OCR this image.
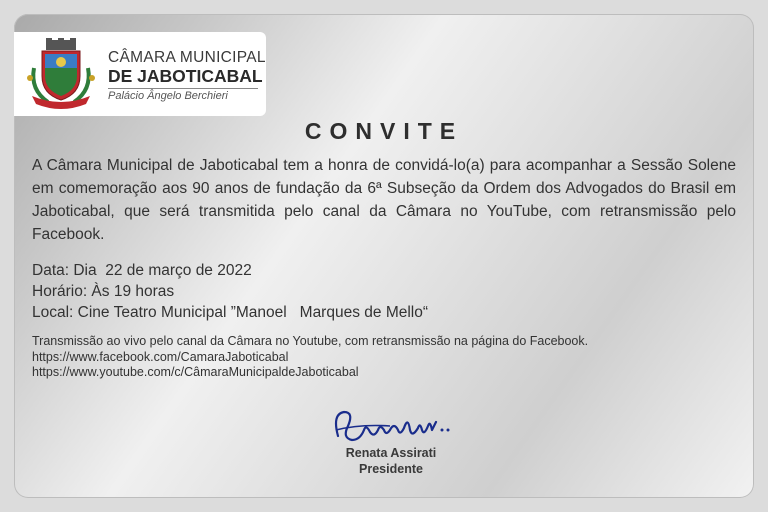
CÂMARA MUNICIPAL
DE JABOTICABAL
Palácio Ângelo Berchieri
CONVITE
A Câmara Municipal de Jaboticabal tem a honra de convidá-lo(a) para acompanhar a Sessão Solene em comemoração aos 90 anos de fundação da 6ª Subseção da Ordem dos Advogados do Brasil em Jaboticabal, que será transmitida pelo canal da Câmara no YouTube, com retransmissão pelo Facebook.
Data: Dia  22 de março de 2022
Horário: Às 19 horas
Local: Cine Teatro Municipal ”Manoel   Marques de Mello“
Transmissão ao vivo pelo canal da Câmara no Youtube, com retransmissão na página do Facebook.
https://www.facebook.com/CamaraJaboticabal
https://www.youtube.com/c/CâmaraMunicipaldeJaboticabal
Renata Assirati
Presidente
